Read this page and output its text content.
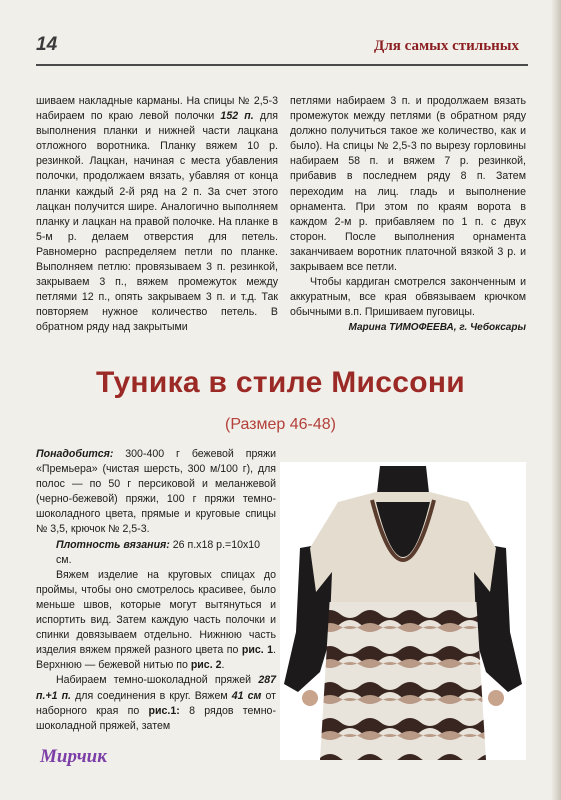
14	Для самых стильных

шиваем накладные карманы. На спицы № 2,5-3 набираем по краю левой полочки 152 п. для выполнения планки и нижней части лацкана отложного воротника. Планку вяжем 10 р. резинкой. Лацкан, начиная с места убавления полочки, продолжаем вязать, убавляя от конца планки каждый 2-й ряд на 2 п. За счет этого лацкан получится шире. Аналогично выполняем планку и лацкан на правой полочке. На планке в 5-м р. делаем отверстия для петель. Равномерно распределяем петли по планке. Выполняем петлю: провязываем 3 п. резинкой, закрываем 3 п., вяжем промежуток между петлями 12 п., опять закрываем 3 п. и т.д. Так повторяем нужное количество петель. В обратном ряду над закрытыми

петлями набираем 3 п. и продолжаем вязать промежуток между петлями (в обратном ряду должно получиться такое же количество, как и было). На спицы № 2,5-3 по вырезу горловины набираем 58 п. и вяжем 7 р. резинкой, прибавив в последнем ряду 8 п. Затем переходим на лиц. гладь и выполнение орнамента. При этом по краям ворота в каждом 2-м р. прибавляем по 1 п. с двух сторон. После выполнения орнамента заканчиваем воротник платочной вязкой 3 р. и закрываем все петли.

Чтобы кардиган смотрелся законченным и аккуратным, все края обвязываем крючком обычными в.п. Пришиваем пуговицы.

Марина ТИМОФЕЕВА, г. Чебоксары

Туника в стиле Миссони
(Размер 46-48)

Понадобится: 300-400 г бежевой пряжи «Премьера» (чистая шерсть, 300 м/100 г), для полос — по 50 г персиковой и меланжевой (черно-бежевой) пряжи, 100 г пряжи темно-шоколадного цвета, прямые и круговые спицы № 3,5, крючок № 2,5-3.

Плотность вязания: 26 п.х18 р.=10х10 см.

Вяжем изделие на круговых спицах до проймы, чтобы оно смотрелось красивее, было меньше швов, которые могут вытянуться и испортить вид. Затем каждую часть полочки и спинки довязываем отдельно. Нижнюю часть изделия вяжем пряжей разного цвета по рис. 1. Верхнюю — бежевой нитью по рис. 2.

Набираем темно-шоколадной пряжей 287 п.+1 п. для соединения в круг. Вяжем 41 см от наборного края по рис.1: 8 рядов темно-шоколадной пряжей, затем

Мирчик
